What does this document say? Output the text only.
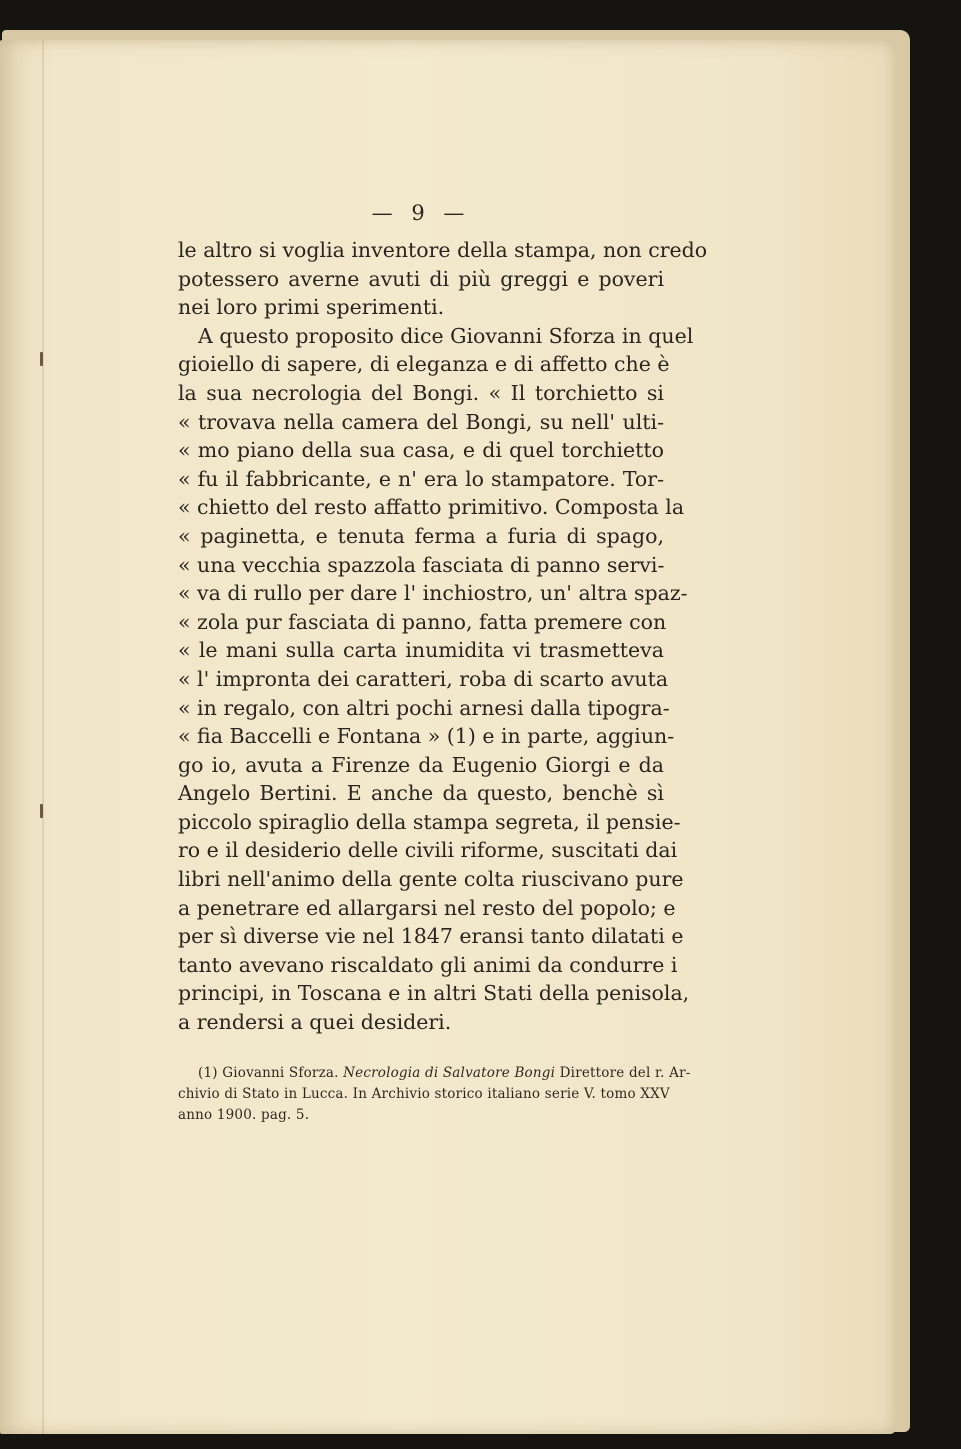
— 9 —

le altro si voglia inventore della stampa, non credo
potessero averne avuti di più greggi e poveri
nei loro primi sperimenti.

A questo proposito dice Giovanni Sforza in quel
gioiello di sapere, di eleganza e di affetto che è
la sua necrologia del Bongi. « Il torchietto si
« trovava nella camera del Bongi, su nell' ulti-
« mo piano della sua casa, e di quel torchietto
« fu il fabbricante, e n' era lo stampatore. Tor-
« chietto del resto affatto primitivo. Composta la
« paginetta, e tenuta ferma a furia di spago,
« una vecchia spazzola fasciata di panno servi-
« va di rullo per dare l' inchiostro, un' altra spaz-
« zola pur fasciata di panno, fatta premere con
« le mani sulla carta inumidita vi trasmetteva
« l' impronta dei caratteri, roba di scarto avuta
« in regalo, con altri pochi arnesi dalla tipogra-
« fia Baccelli e Fontana » (1) e in parte, aggiun-
go io, avuta a Firenze da Eugenio Giorgi e da
Angelo Bertini. E anche da questo, benchè sì
piccolo spiraglio della stampa segreta, il pensie-
ro e il desiderio delle civili riforme, suscitati dai
libri nell'animo della gente colta riuscivano pure
a penetrare ed allargarsi nel resto del popolo; e
per sì diverse vie nel 1847 eransi tanto dilatati e
tanto avevano riscaldato gli animi da condurre i
principi, in Toscana e in altri Stati della penisola,
a rendersi a quei desideri.

(1) Giovanni Sforza. Necrologia di Salvatore Bongi Direttore del r. Ar-
chivio di Stato in Lucca. In Archivio storico italiano serie V. tomo XXV
anno 1900. pag. 5.
